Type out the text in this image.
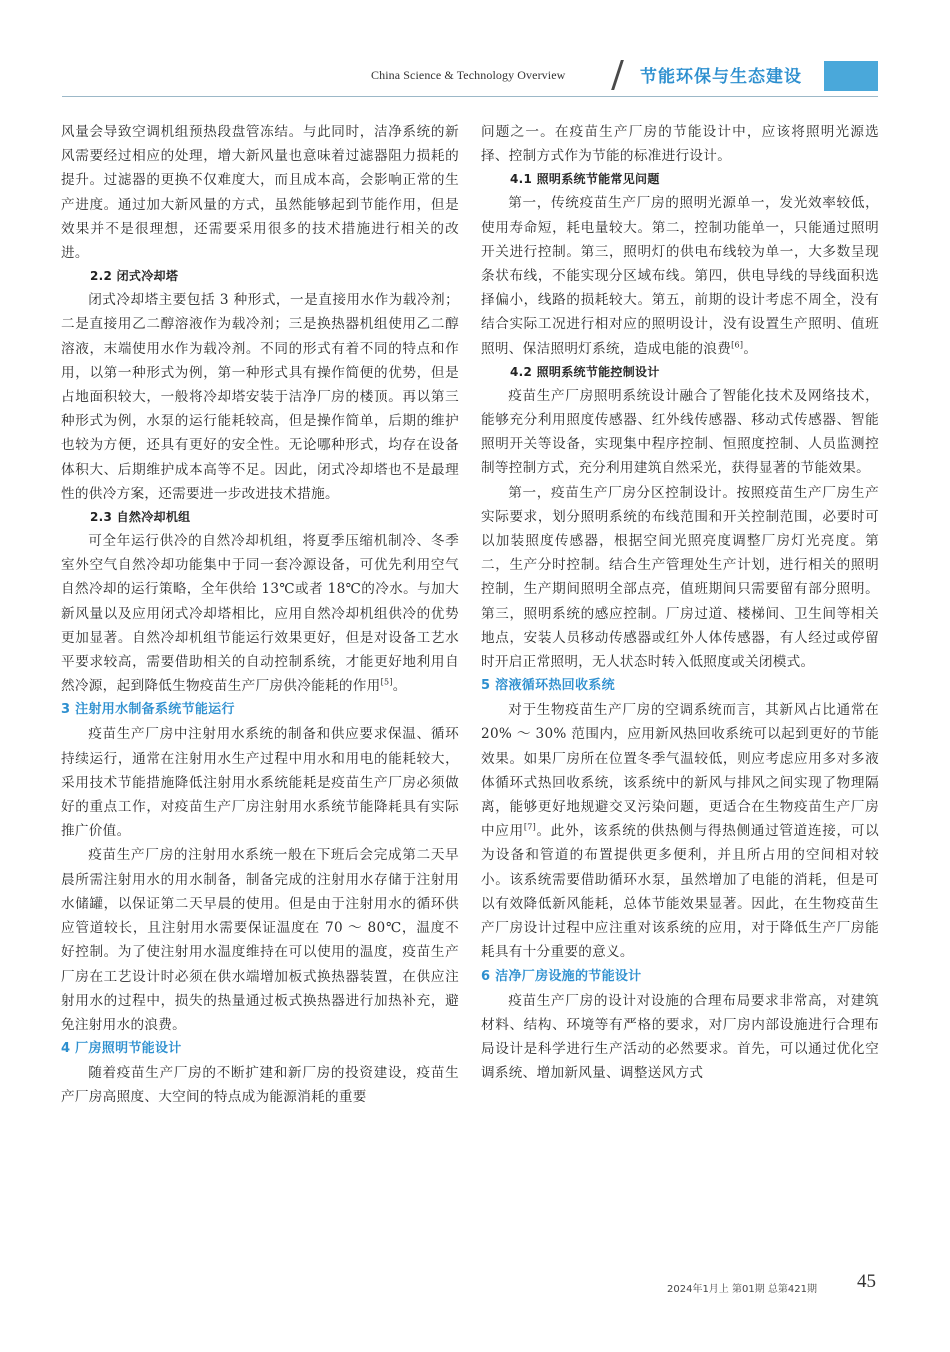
China Science & Technology Overview	节能环保与生态建设

风量会导致空调机组预热段盘管冻结。与此同时，洁净系统的新风需要经过相应的处理，增大新风量也意味着过滤器阻力损耗的提升。过滤器的更换不仅难度大，而且成本高，会影响正常的生产进度。通过加大新风量的方式，虽然能够起到节能作用，但是效果并不是很理想，还需要采用很多的技术措施进行相关的改进。

2.2 闭式冷却塔

闭式冷却塔主要包括 3 种形式，一是直接用水作为载冷剂；二是直接用乙二醇溶液作为载冷剂；三是换热器机组使用乙二醇溶液，末端使用水作为载冷剂。不同的形式有着不同的特点和作用，以第一种形式为例，第一种形式具有操作简便的优势，但是占地面积较大，一般将冷却塔安装于洁净厂房的楼顶。再以第三种形式为例，水泵的运行能耗较高，但是操作简单，后期的维护也较为方便，还具有更好的安全性。无论哪种形式，均存在设备体积大、后期维护成本高等不足。因此，闭式冷却塔也不是最理性的供冷方案，还需要进一步改进技术措施。

2.3 自然冷却机组

可全年运行供冷的自然冷却机组，将夏季压缩机制冷、冬季室外空气自然冷却功能集中于同一套冷源设备，可优先利用空气自然冷却的运行策略，全年供给 13℃或者 18℃的冷水。与加大新风量以及应用闭式冷却塔相比，应用自然冷却机组供冷的优势更加显著。自然冷却机组节能运行效果更好，但是对设备工艺水平要求较高，需要借助相关的自动控制系统，才能更好地利用自然冷源，起到降低生物疫苗生产厂房供冷能耗的作用[5]。

3 注射用水制备系统节能运行

疫苗生产厂房中注射用水系统的制备和供应要求保温、循环持续运行，通常在注射用水生产过程中用水和用电的能耗较大，采用技术节能措施降低注射用水系统能耗是疫苗生产厂房必须做好的重点工作，对疫苗生产厂房注射用水系统节能降耗具有实际推广价值。

疫苗生产厂房的注射用水系统一般在下班后会完成第二天早晨所需注射用水的用水制备，制备完成的注射用水存储于注射用水储罐，以保证第二天早晨的使用。但是由于注射用水的循环供应管道较长，且注射用水需要保证温度在 70 ～ 80℃，温度不好控制。为了使注射用水温度维持在可以使用的温度，疫苗生产厂房在工艺设计时必须在供水端增加板式换热器装置，在供应注射用水的过程中，损失的热量通过板式换热器进行加热补充，避免注射用水的浪费。

4 厂房照明节能设计

随着疫苗生产厂房的不断扩建和新厂房的投资建设，疫苗生产厂房高照度、大空间的特点成为能源消耗的重要

问题之一。在疫苗生产厂房的节能设计中，应该将照明光源选择、控制方式作为节能的标准进行设计。

4.1 照明系统节能常见问题

第一，传统疫苗生产厂房的照明光源单一，发光效率较低，使用寿命短，耗电量较大。第二，控制功能单一，只能通过照明开关进行控制。第三，照明灯的供电布线较为单一，大多数呈现条状布线，不能实现分区域布线。第四，供电导线的导线面积选择偏小，线路的损耗较大。第五，前期的设计考虑不周全，没有结合实际工况进行相对应的照明设计，没有设置生产照明、值班照明、保洁照明灯系统，造成电能的浪费[6]。

4.2 照明系统节能控制设计

疫苗生产厂房照明系统设计融合了智能化技术及网络技术，能够充分利用照度传感器、红外线传感器、移动式传感器、智能照明开关等设备，实现集中程序控制、恒照度控制、人员监测控制等控制方式，充分利用建筑自然采光，获得显著的节能效果。

第一，疫苗生产厂房分区控制设计。按照疫苗生产厂房生产实际要求，划分照明系统的布线范围和开关控制范围，必要时可以加装照度传感器，根据空间光照亮度调整厂房灯光亮度。第二，生产分时控制。结合生产管理处生产计划，进行相关的照明控制，生产期间照明全部点亮，值班期间只需要留有部分照明。第三，照明系统的感应控制。厂房过道、楼梯间、卫生间等相关地点，安装人员移动传感器或红外人体传感器，有人经过或停留时开启正常照明，无人状态时转入低照度或关闭模式。

5 溶液循环热回收系统

对于生物疫苗生产厂房的空调系统而言，其新风占比通常在 20% ～ 30% 范围内，应用新风热回收系统可以起到更好的节能效果。如果厂房所在位置冬季气温较低，则应考虑应用多对多液体循环式热回收系统，该系统中的新风与排风之间实现了物理隔离，能够更好地规避交叉污染问题，更适合在生物疫苗生产厂房中应用[7]。此外，该系统的供热侧与得热侧通过管道连接，可以为设备和管道的布置提供更多便利，并且所占用的空间相对较小。该系统需要借助循环水泵，虽然增加了电能的消耗，但是可以有效降低新风能耗，总体节能效果显著。因此，在生物疫苗生产厂房设计过程中应注重对该系统的应用，对于降低生产厂房能耗具有十分重要的意义。

6 洁净厂房设施的节能设计

疫苗生产厂房的设计对设施的合理布局要求非常高，对建筑材料、结构、环境等有严格的要求，对厂房内部设施进行合理布局设计是科学进行生产活动的必然要求。首先，可以通过优化空调系统、增加新风量、调整送风方式

2024年1月上 第01期 总第421期 45
